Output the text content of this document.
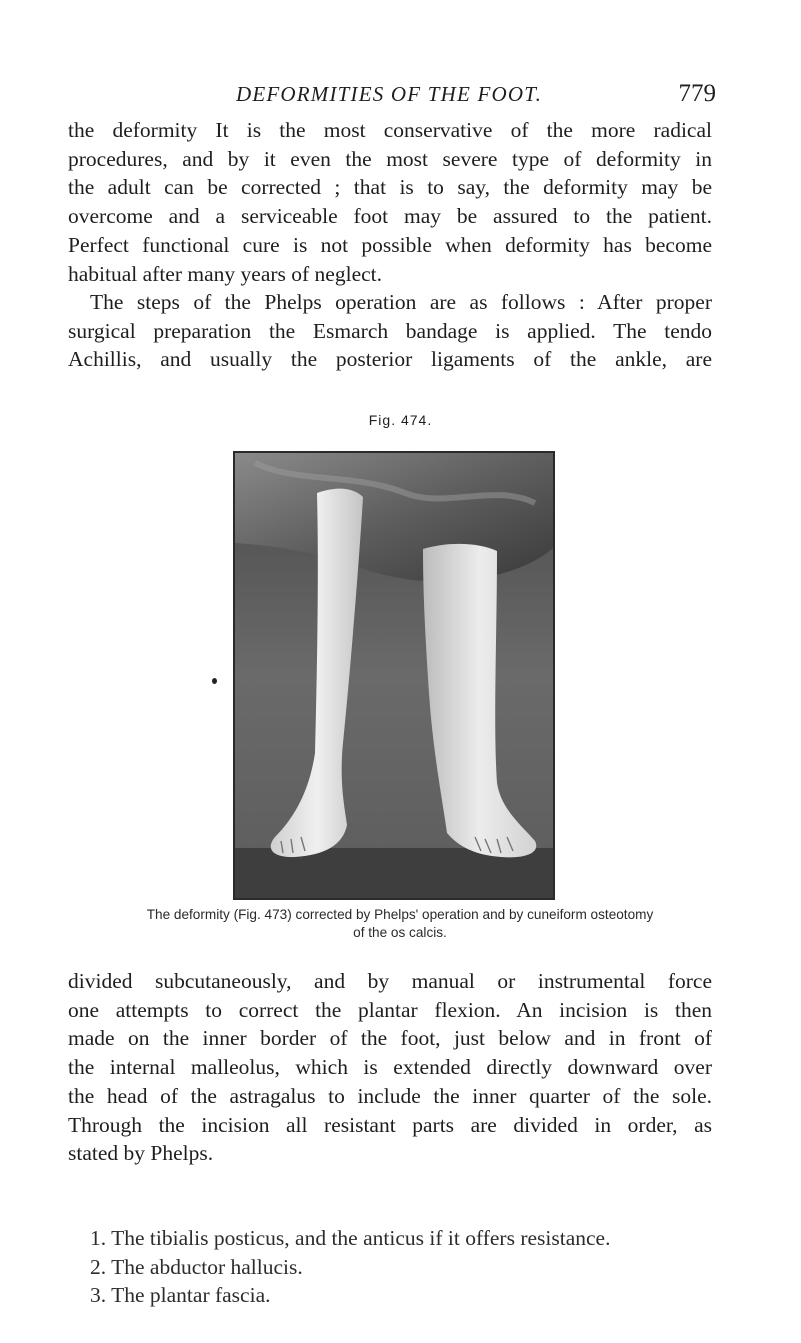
DEFORMITIES OF THE FOOT.	779

the deformity It is the most conservative of the more radical
procedures, and by it even the most severe type of deformity in
the adult can be corrected ; that is to say, the deformity may be
overcome and a serviceable foot may be assured to the patient.
Perfect functional cure is not possible when deformity has become
habitual after many years of neglect.

The steps of the Phelps operation are as follows : After proper
surgical preparation the Esmarch bandage is applied. The tendo
Achillis, and usually the posterior ligaments of the ankle, are

Fig. 474.
The deformity (Fig. 473) corrected by Phelps' operation and by cuneiform osteotomy
of the os calcis.

divided subcutaneously, and by manual or instrumental force
one attempts to correct the plantar flexion. An incision is then
made on the inner border of the foot, just below and in front of
the internal malleolus, which is extended directly downward over
the head of the astragalus to include the inner quarter of the sole.
Through the incision all resistant parts are divided in order, as
stated by Phelps.

1. The tibialis posticus, and the anticus if it offers resistance.
2. The abductor hallucis.
3. The plantar fascia.
